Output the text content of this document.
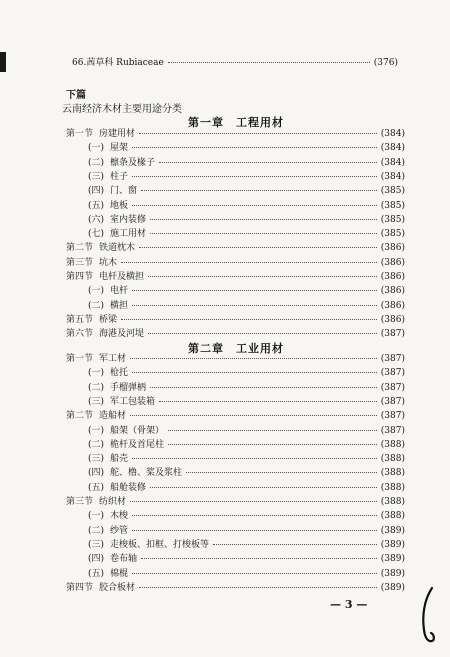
66.茜草科 Rubiaceae	(376)
下篇
云南经济木材主要用途分类
第一章　工程用材
第一节 房建用材	(384)
(一) 屋架	(384)
(二) 檩条及椽子	(384)
(三) 柱子	(384)
(四) 门、窗	(385)
(五) 地板	(385)
(六) 室内装修	(385)
(七) 施工用材	(385)
第二节 铁道枕木	(386)
第三节 坑木	(386)
第四节 电杆及横担	(386)
(一) 电杆	(386)
(二) 横担	(386)
第五节 桥梁	(386)
第六节 海港及河堤	(387)
第二章　工业用材
第一节 军工材	(387)
(一) 枪托	(387)
(二) 手榴弹柄	(387)
(三) 军工包装箱	(387)
第二节 造船材	(387)
(一) 船架（骨架）	(387)
(二) 桅杆及首尾柱	(388)
(三) 船壳	(388)
(四) 舵、橹、桨及浆柱	(388)
(五) 船舱装修	(388)
第三节 纺织材	(388)
(一) 木梭	(388)
(二) 纱管	(389)
(三) 走梭板、扣框、打梭板等	(389)
(四) 卷布轴	(389)
(五) 棉棍	(389)
第四节 胶合板材	(389)
— 3 —
